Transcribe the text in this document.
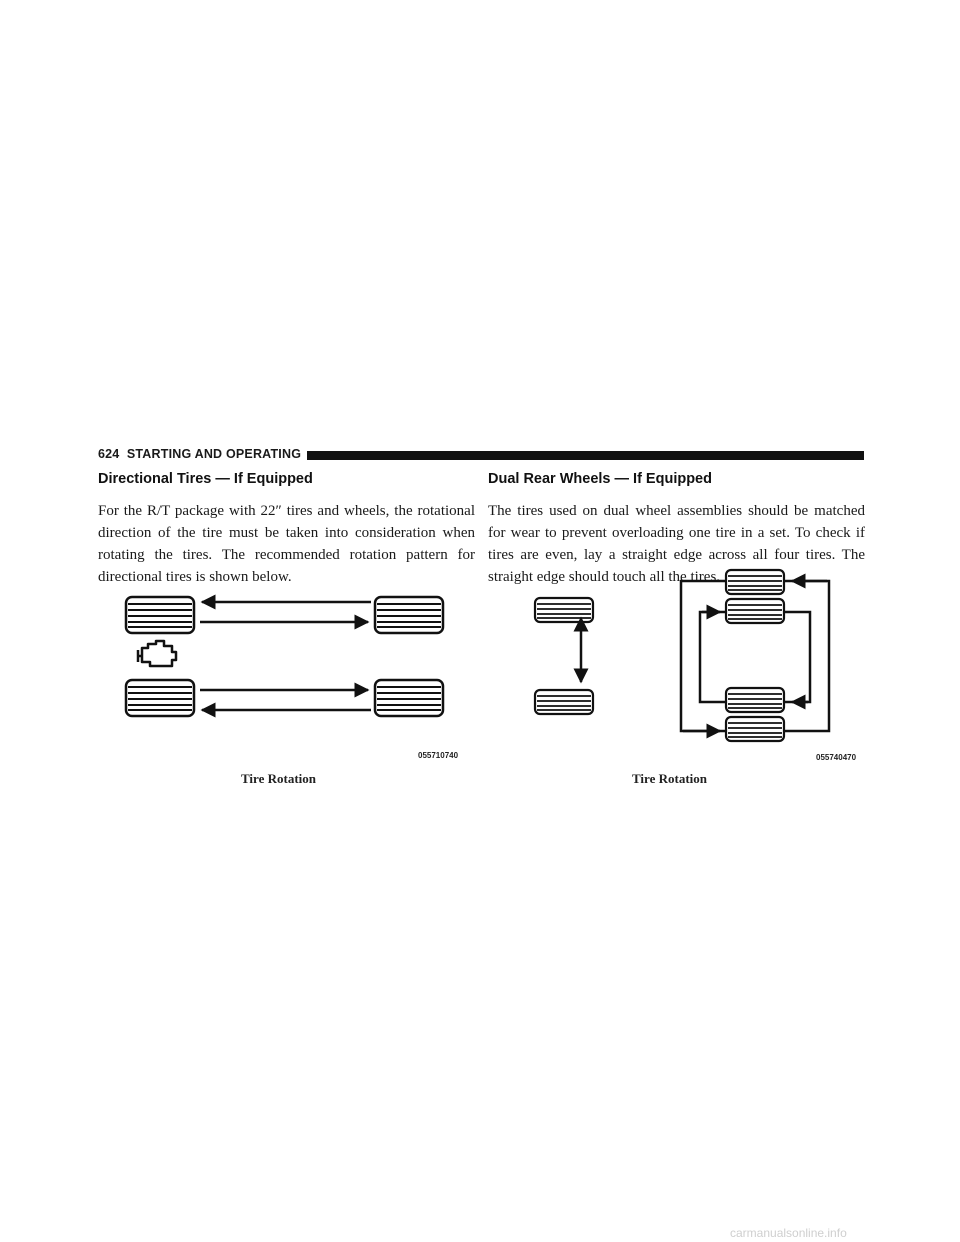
624 STARTING AND OPERATING
Directional Tires — If Equipped

For the R/T package with 22″ tires and wheels, the rotational direction of the tire must be taken into consideration when rotating the tires. The recommended rotation pattern for directional tires is shown below.

Dual Rear Wheels — If Equipped

The tires used on dual wheel assemblies should be matched for wear to prevent overloading one tire in a set. To check if tires are even, lay a straight edge across all four tires. The straight edge should touch all the tires.

055710740	055740470
Tire Rotation	Tire Rotation
carmanualsonline.info
